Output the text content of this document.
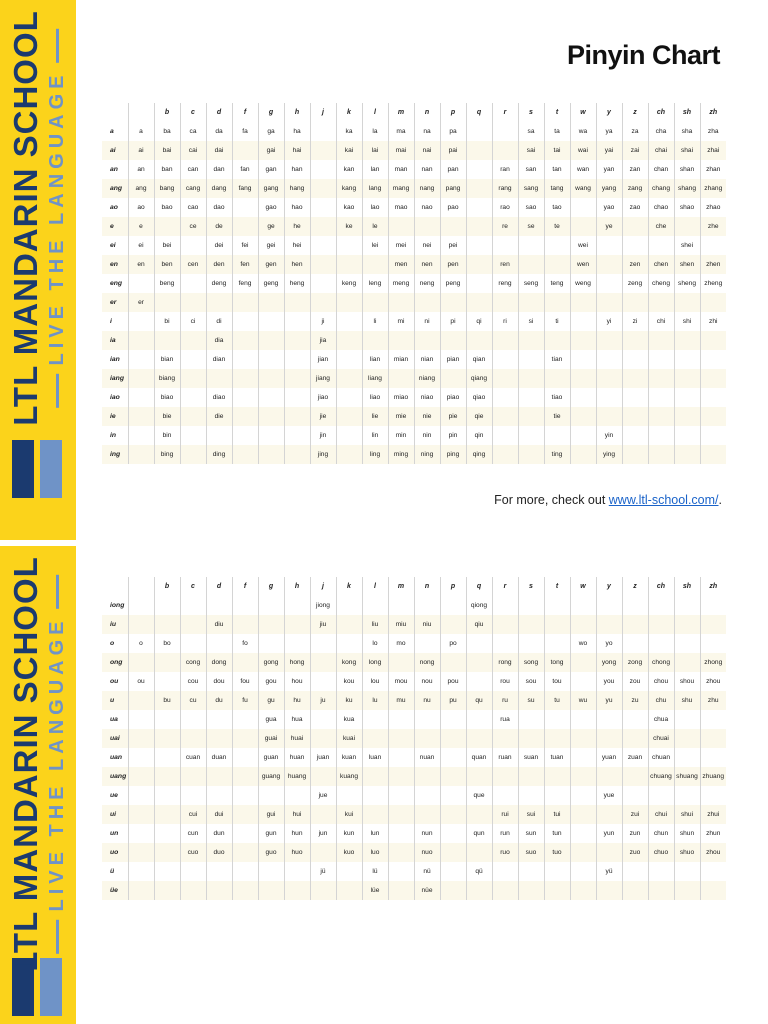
LTL MANDARIN SCHOOL LIVE THE LANGUAGE
LTL MANDARIN SCHOOL LIVE THE LANGUAGE
Pinyin Chart
		b	c	d	f	g	h	j	k	l	m	n	p	q	r	s	t	w	y	z	ch	sh	zh
a	a	ba	ca	da	fa	ga	ha		ka	la	ma	na	pa			sa	ta	wa	ya	za	cha	sha	zha
ai	ai	bai	cai	dai		gai	hai		kai	lai	mai	nai	pai			sai	tai	wai	yai	zai	chai	shai	zhai
an	an	ban	can	dan	fan	gan	han		kan	lan	man	nan	pan		ran	san	tan	wan	yan	zan	chan	shan	zhan
ang	ang	bang	cang	dang	fang	gang	hang		kang	lang	mang	nang	pang		rang	sang	tang	wang	yang	zang	chang	shang	zhang
ao	ao	bao	cao	dao		gao	hao		kao	lao	mao	nao	pao		rao	sao	tao		yao	zao	chao	shao	zhao
e	e		ce	de		ge	he		ke	le					re	se	te		ye		che		zhe
ei	ei	bei		dei	fei	gei	hei			lei	mei	nei	pei					wei				shei	
en	en	ben	cen	den	fen	gen	hen				men	nen	pen		ren			wen		zen	chen	shen	zhen
eng		beng		deng	feng	geng	heng		keng	leng	meng	neng	peng		reng	seng	teng	weng		zeng	cheng	sheng	zheng
er	er																						
i		bi	ci	di				ji		li	mi	ni	pi	qi	ri	si	ti		yi	zi	chi	shi	zhi
ia				dia				jia															
ian		bian		dian				jian		lian	mian	nian	pian	qian			tian						
iang		biang						jiang		liang		niang		qiang									
iao		biao		diao				jiao		liao	miao	niao	piao	qiao			tiao						
ie		bie		die				jie		lie	mie	nie	pie	qie			tie						
in		bin						jin		lin	min	nin	pin	qin					yin				
ing		bing		ding				jing		ling	ming	ning	ping	qing			ting		ying				
For more, check out www.ltl-school.com/.
		b	c	d	f	g	h	j	k	l	m	n	p	q	r	s	t	w	y	z	ch	sh	zh
iong								jiong						qiong									
iu				diu				jiu		liu	miu	niu		qiu									
o	o	bo			fo					lo	mo		po					wo	yo				
ong			cong	dong		gong	hong		kong	long		nong			rong	song	tong		yong	zong	chong		zhong
ou	ou		cou	dou	fou	gou	hou		kou	lou	mou	nou	pou		rou	sou	tou		you	zou	chou	shou	zhou
u		bu	cu	du	fu	gu	hu	ju	ku	lu	mu	nu	pu	qu	ru	su	tu	wu	yu	zu	chu	shu	zhu
ua						gua	hua		kua						rua						chua		
uai						guai	huai		kuai												chuai		
uan			cuan	duan		guan	huan	juan	kuan	luan		nuan		quan	ruan	suan	tuan		yuan	zuan	chuan		
uang						guang	huang		kuang												chuang	shuang	zhuang
ue								jue						que					yue				
ui			cui	dui		gui	hui		kui						rui	sui	tui			zui	chui	shui	zhui
un			cun	dun		gun	hun	jun	kun	lun		nun		qun	run	sun	tun		yun	zun	chun	shun	zhun
uo			cuo	duo		guo	huo		kuo	luo		nuo			ruo	suo	tuo			zuo	chuo	shuo	zhou
ü								jü		lü		nü		qü					yü				
üe										lüe		nüe											
